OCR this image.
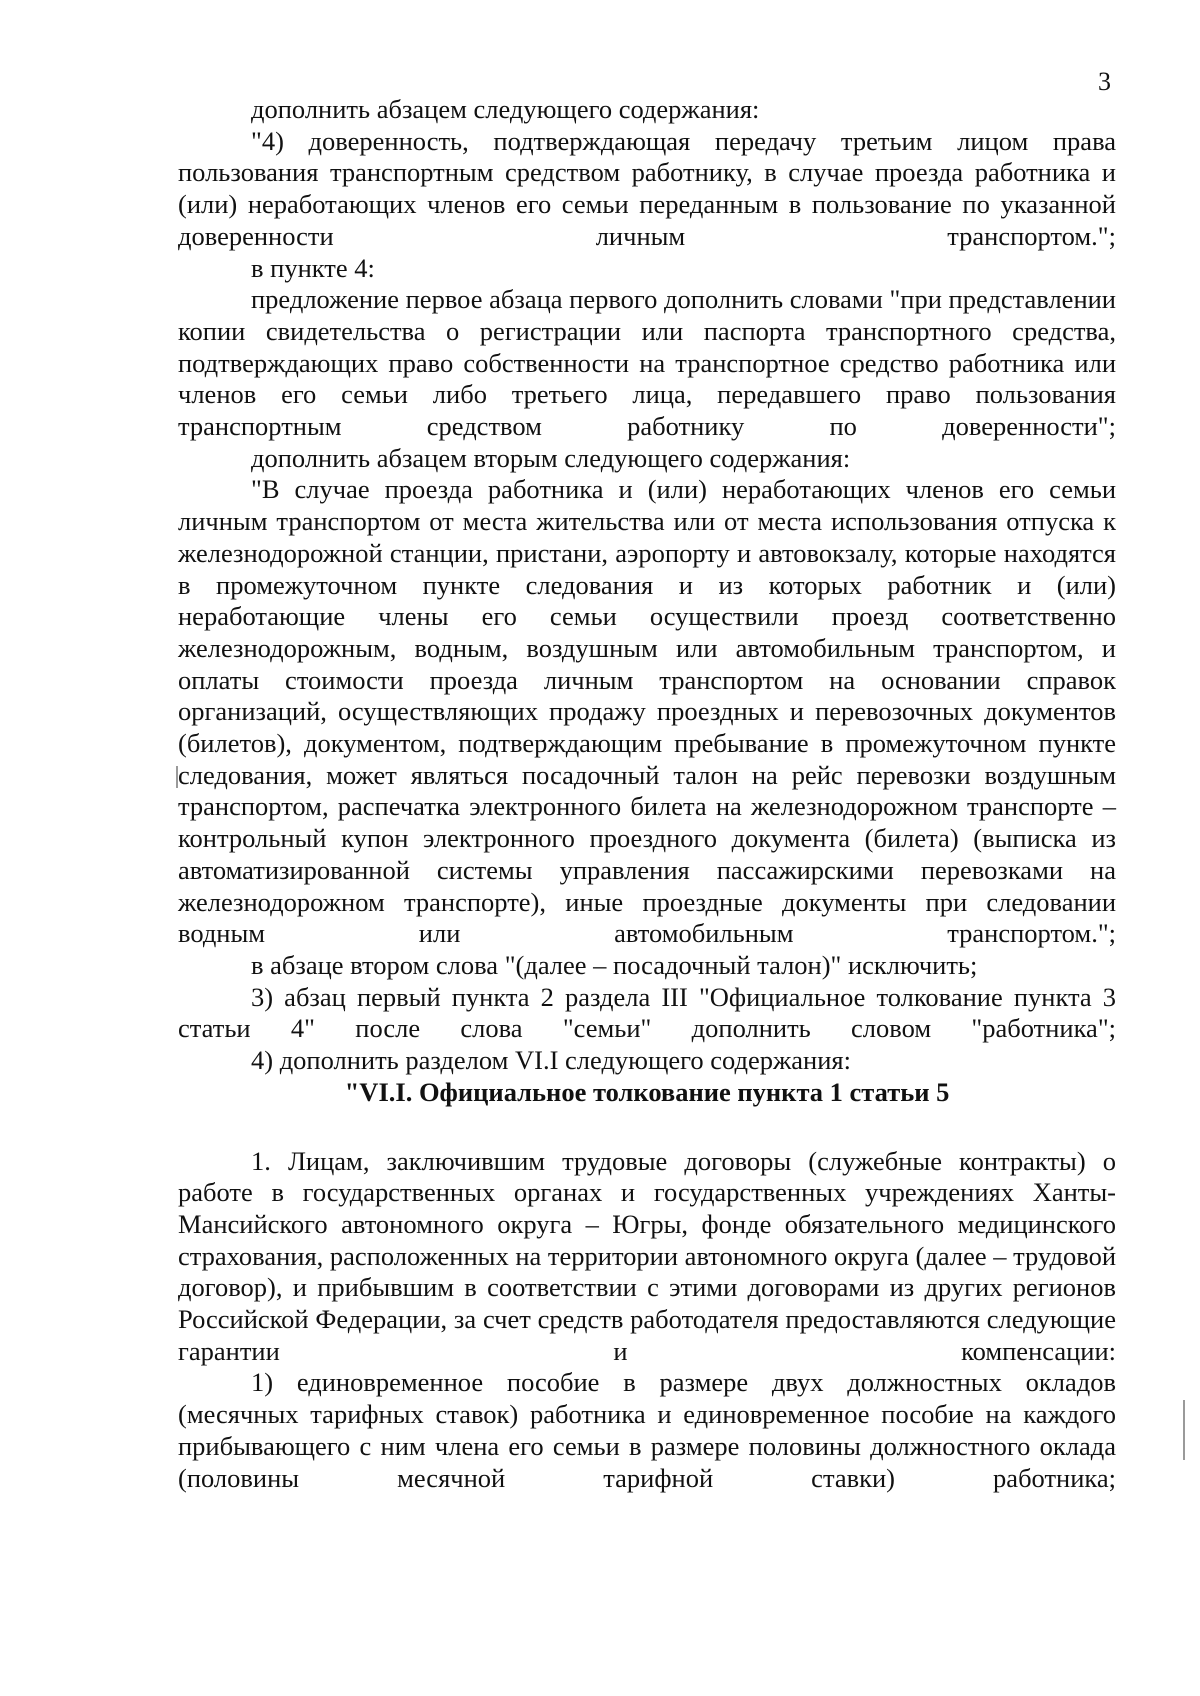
3

дополнить абзацем следующего содержания:

"4) доверенность, подтверждающая передачу третьим лицом права пользования транспортным средством работнику, в случае проезда работника и (или) неработающих членов его семьи переданным в пользование по указанной доверенности личным транспортом.";

в пункте 4:

предложение первое абзаца первого дополнить словами "при представлении копии свидетельства о регистрации или паспорта транспортного средства, подтверждающих право собственности на транспортное средство работника или членов его семьи либо третьего лица, передавшего право пользования транспортным средством работнику по доверенности";

дополнить абзацем вторым следующего содержания:

"В случае проезда работника и (или) неработающих членов его семьи личным транспортом от места жительства или от места использования отпуска к железнодорожной станции, пристани, аэропорту и автовокзалу, которые находятся в промежуточном пункте следования и из которых работник и (или) неработающие члены его семьи осуществили проезд соответственно железнодорожным, водным, воздушным или автомобильным транспортом, и оплаты стоимости проезда личным транспортом на основании справок организаций, осуществляющих продажу проездных и перевозочных документов (билетов), документом, подтверждающим пребывание в промежуточном пункте следования, может являться посадочный талон на рейс перевозки воздушным транспортом, распечатка электронного билета на железнодорожном транспорте – контрольный купон электронного проездного документа (билета) (выписка из автоматизированной системы управления пассажирскими перевозками на железнодорожном транспорте), иные проездные документы при следовании водным или автомобильным транспортом.";

в абзаце втором слова "(далее – посадочный талон)" исключить;

3) абзац первый пункта 2 раздела III "Официальное толкование пункта 3 статьи 4" после слова "семьи" дополнить словом "работника";

4) дополнить разделом VI.I следующего содержания:

"VI.I. Официальное толкование пункта 1 статьи 5

1. Лицам, заключившим трудовые договоры (служебные контракты) о работе в государственных органах и государственных учреждениях Ханты-Мансийского автономного округа – Югры, фонде обязательного медицинского страхования, расположенных на территории автономного округа (далее – трудовой договор), и прибывшим в соответствии с этими договорами из других регионов Российской Федерации, за счет средств работодателя предоставляются следующие гарантии и компенсации:

1) единовременное пособие в размере двух должностных окладов (месячных тарифных ставок) работника и единовременное пособие на каждого прибывающего с ним члена его семьи в размере половины должностного оклада (половины месячной тарифной ставки) работника;
